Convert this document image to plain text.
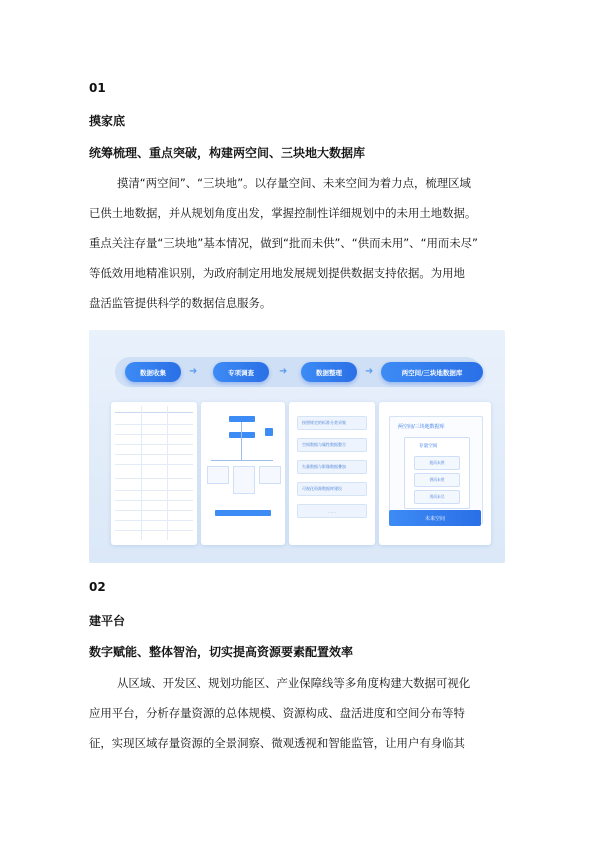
01
摸家底
统筹梳理、重点突破，构建两空间、三块地大数据库
摸清“两空间”、“三块地”。以存量空间、未来空间为着力点，梳理区域
已供土地数据，并从规划角度出发，掌握控制性详细规划中的未用土地数据。
重点关注存量“三块地”基本情况，做到“批而未供”、“供而未用”、“用而未尽”
等低效用地精准识别，为政府制定用地发展规划提供数据支持依据。为用地
盘活监管提供科学的数据信息服务。
数据收集	➜	专项调查	➜	数据整理	➜	两空间/三块地数据库
按照规定的标准分类采集
空间数据与属性数据整合
矢量数据与影像数据叠加
可视化资源数据库建设
……
两空间/三块地数据库
存量空间
批而未供
供而未用
用而未尽
未来空间
02
建平台
数字赋能、整体智治，切实提高资源要素配置效率
从区域、开发区、规划功能区、产业保障线等多角度构建大数据可视化
应用平台，分析存量资源的总体规模、资源构成、盘活进度和空间分布等特
征，实现区域存量资源的全景洞察、微观透视和智能监管，让用户有身临其
